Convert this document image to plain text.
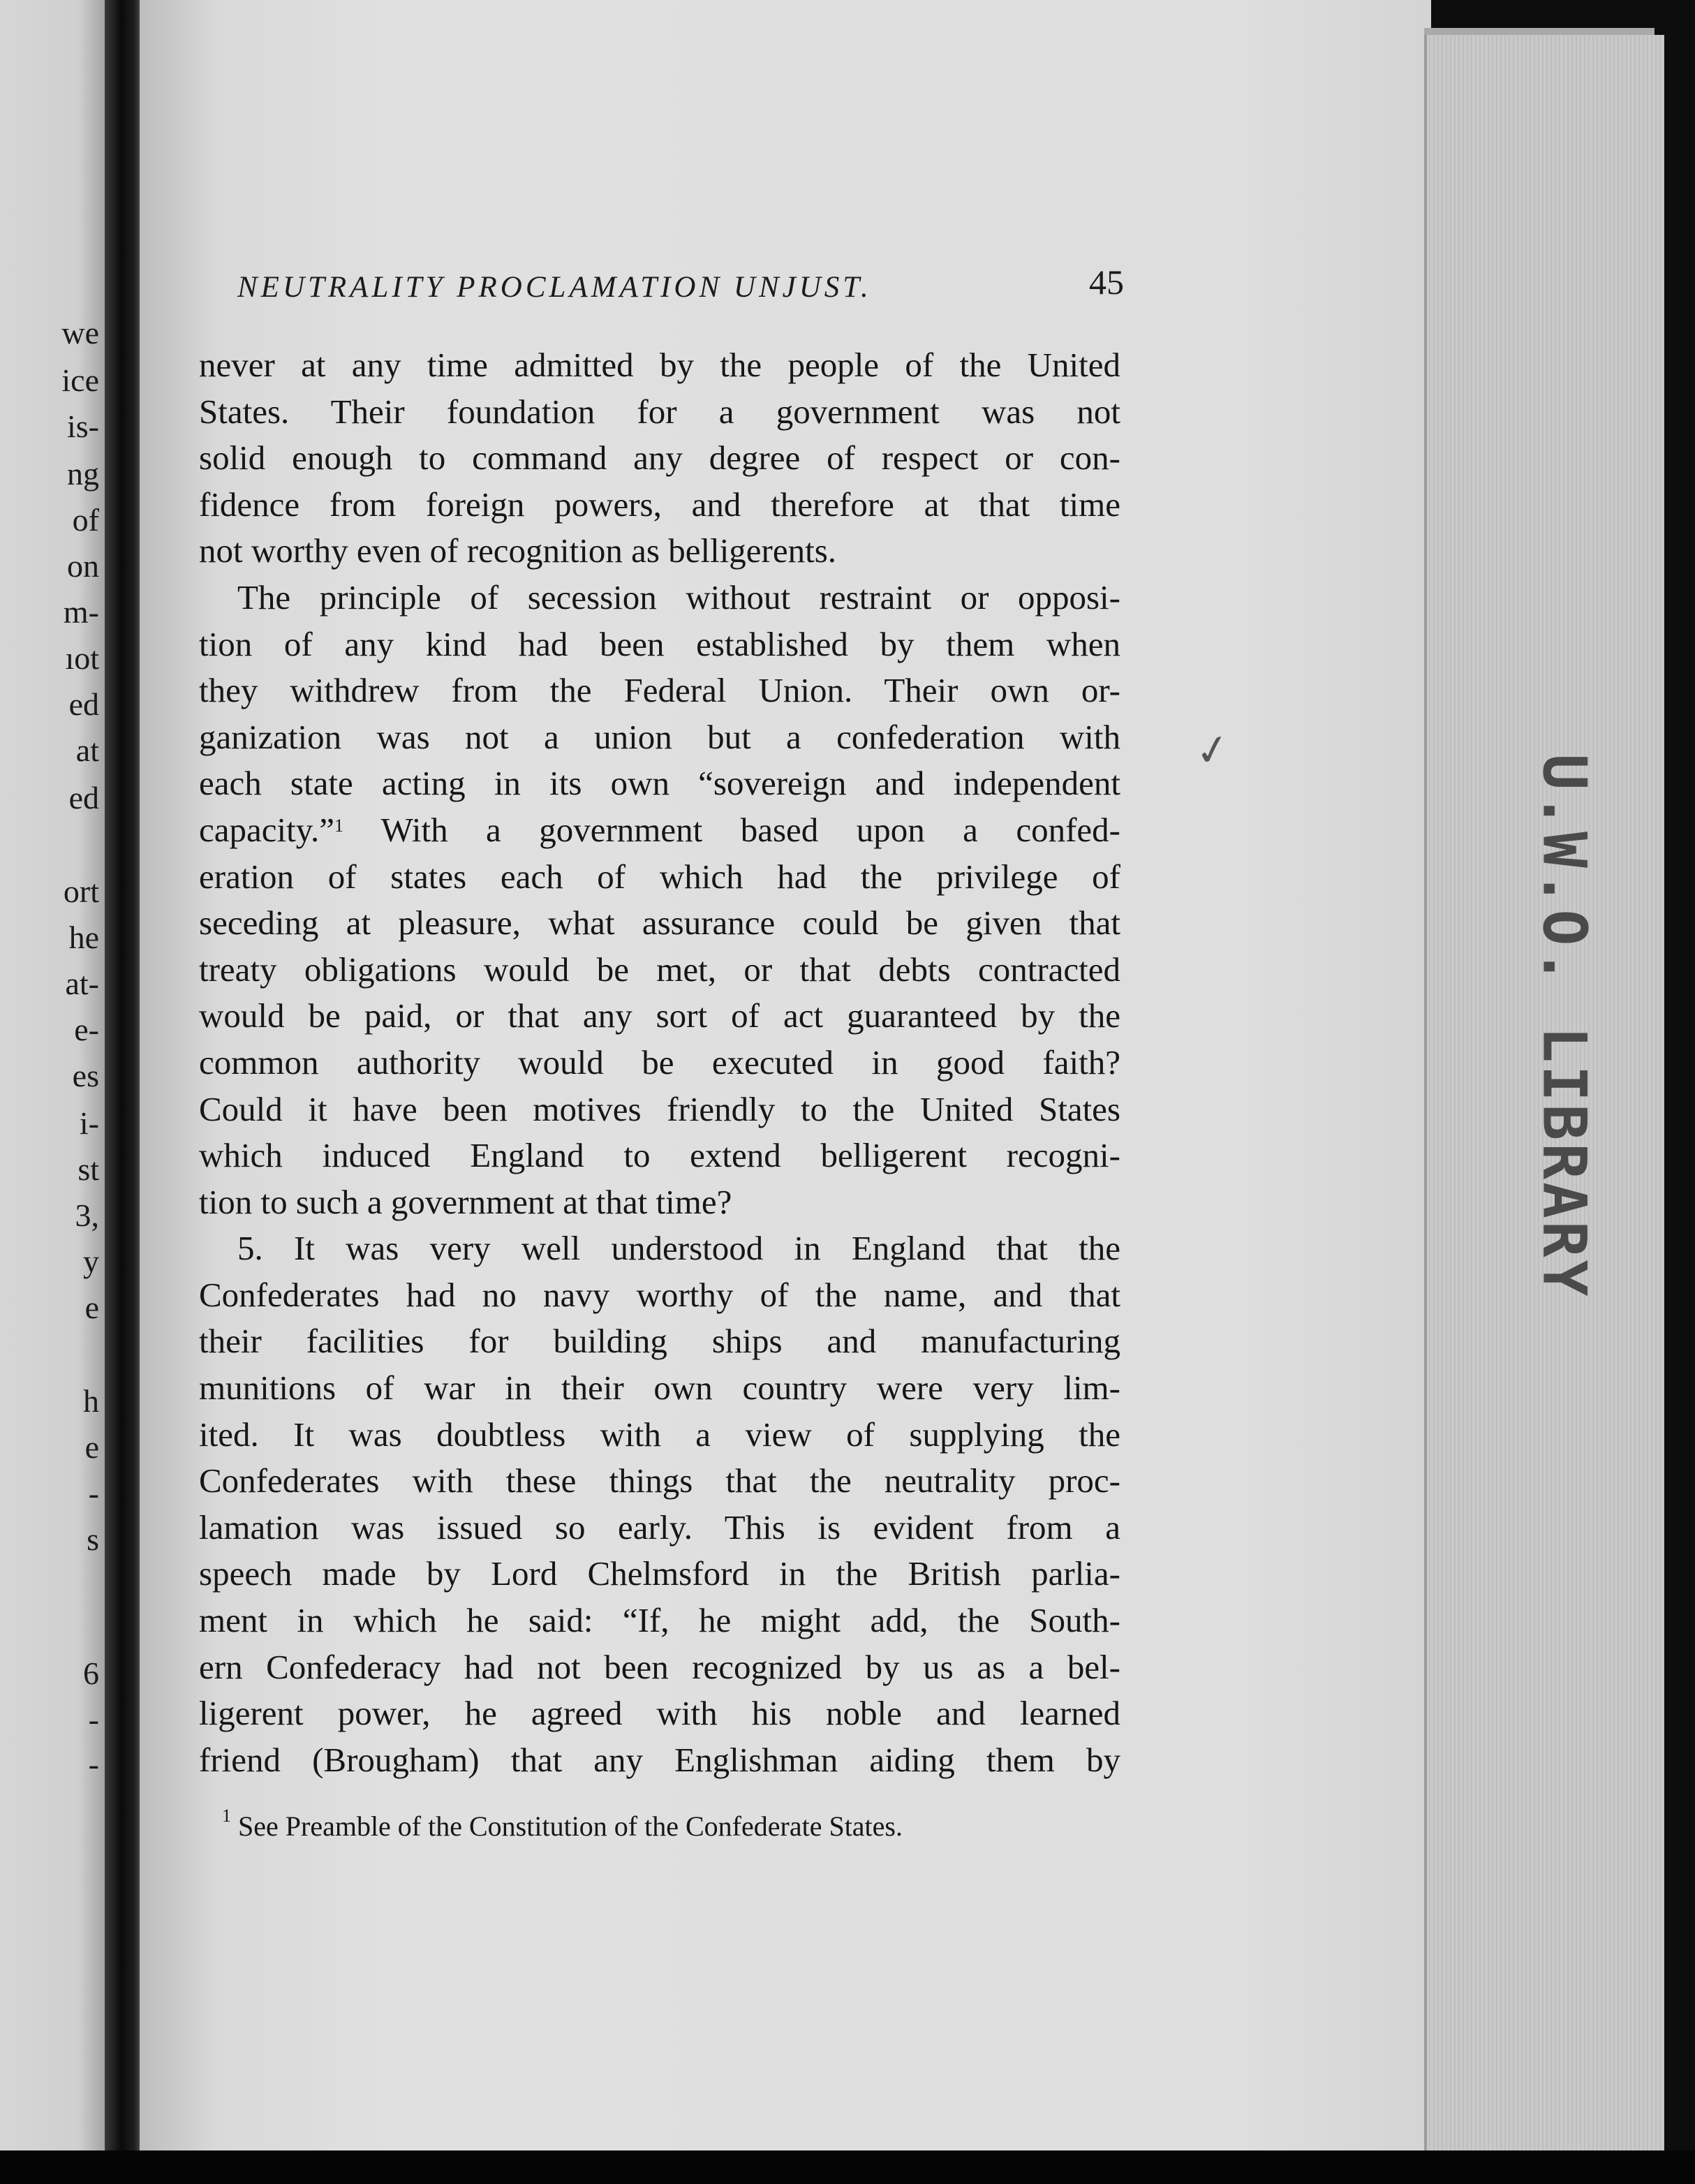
we
ice
is-
ng
of
on
m-
ıot
ed
at
ed
ort
he
at-
e-
es
i-
st
3,
y
e
h
e
-
s
6
-
-
U.W.O. LIBRARY
NEUTRALITY PROCLAMATION UNJUST.	45
✓
never at any time admitted by the people of the United
States. Their foundation for a government was not
solid enough to command any degree of respect or con-
fidence from foreign powers, and therefore at that time
not worthy even of recognition as belligerents.
The principle of secession without restraint or opposi-
tion of any kind had been established by them when
they withdrew from the Federal Union. Their own or-
ganization was not a union but a confederation with
each state acting in its own “sovereign and independent
capacity.”$^1$ With a government based upon a confed-
eration of states each of which had the privilege of
seceding at pleasure, what assurance could be given that
treaty obligations would be met, or that debts contracted
would be paid, or that any sort of act guaranteed by the
common authority would be executed in good faith?
Could it have been motives friendly to the United States
which induced England to extend belligerent recogni-
tion to such a government at that time?
5. It was very well understood in England that the
Confederates had no navy worthy of the name, and that
their facilities for building ships and manufacturing
munitions of war in their own country were very lim-
ited. It was doubtless with a view of supplying the
Confederates with these things that the neutrality proc-
lamation was issued so early. This is evident from a
speech made by Lord Chelmsford in the British parlia-
ment in which he said: “If, he might add, the South-
ern Confederacy had not been recognized by us as a bel-
ligerent power, he agreed with his noble and learned
friend (Brougham) that any Englishman aiding them by
$^1$ See Preamble of the Constitution of the Confederate States.
